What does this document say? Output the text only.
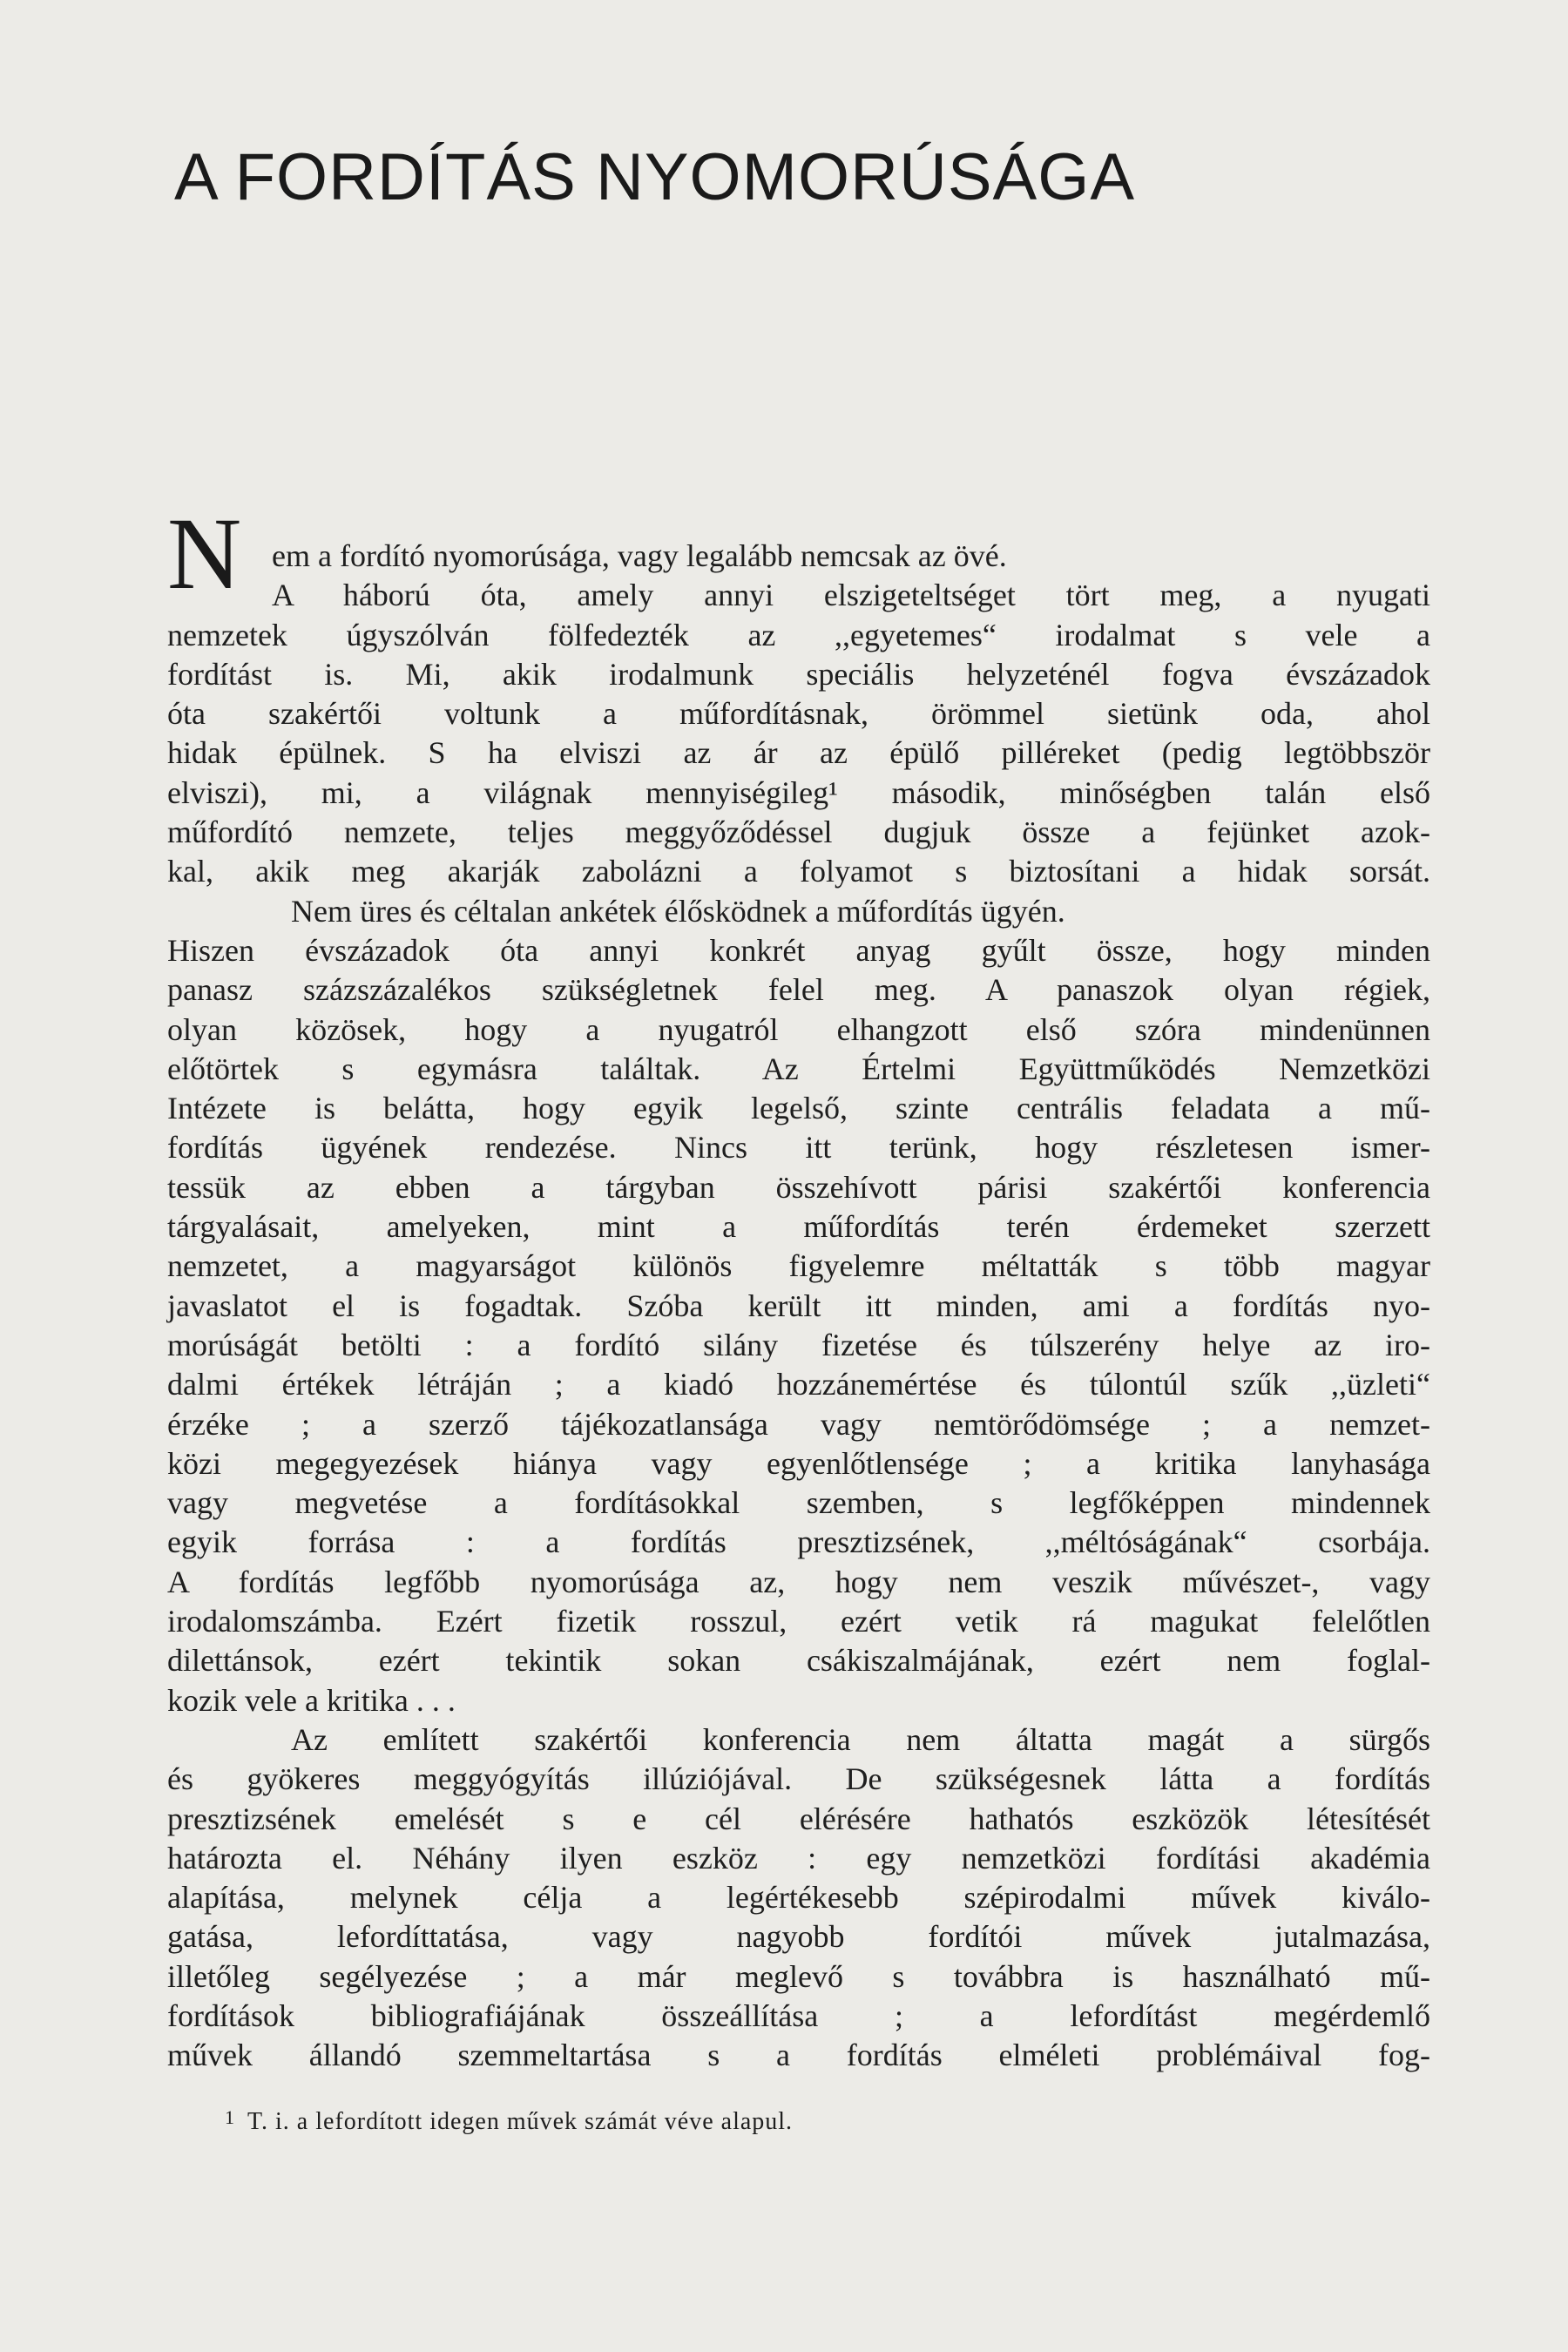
A FORDÍTÁS NYOMORÚSÁGA
N em a fordító nyomorúsága, vagy legalább nemcsak az övé.
A háború óta, amely annyi elszigeteltséget tört meg, a nyugati
nemzetek úgyszólván fölfedezték az ,,egyetemes“ irodalmat s vele a
fordítást is. Mi, akik irodalmunk speciális helyzeténél fogva évszázadok
óta szakértői voltunk a műfordításnak, örömmel sietünk oda, ahol
hidak épülnek. S ha elviszi az ár az épülő pilléreket (pedig legtöbbször
elviszi), mi, a világnak mennyiségileg¹ második, minőségben talán első
műfordító nemzete, teljes meggyőződéssel dugjuk össze a fejünket azok-
kal, akik meg akarják zabolázni a folyamot s biztosítani a hidak sorsát.
Nem üres és céltalan ankétek élősködnek a műfordítás ügyén.
Hiszen évszázadok óta annyi konkrét anyag gyűlt össze, hogy minden
panasz százszázalékos szükségletnek felel meg. A panaszok olyan régiek,
olyan közösek, hogy a nyugatról elhangzott első szóra mindenünnen
előtörtek s egymásra találtak. Az Értelmi Együttműködés Nemzetközi
Intézete is belátta, hogy egyik legelső, szinte centrális feladata a mű-
fordítás ügyének rendezése. Nincs itt terünk, hogy részletesen ismer-
tessük az ebben a tárgyban összehívott párisi szakértői konferencia
tárgyalásait, amelyeken, mint a műfordítás terén érdemeket szerzett
nemzetet, a magyarságot különös figyelemre méltatták s több magyar
javaslatot el is fogadtak. Szóba került itt minden, ami a fordítás nyo-
morúságát betölti : a fordító silány fizetése és túlszerény helye az iro-
dalmi értékek létráján ; a kiadó hozzánemértése és túlontúl szűk ,,üzleti“
érzéke ; a szerző tájékozatlansága vagy nemtörődömsége ; a nemzet-
közi megegyezések hiánya vagy egyenlőtlensége ; a kritika lanyhasága
vagy megvetése a fordításokkal szemben, s legfőképpen mindennek
egyik forrása : a fordítás presztizsének, ,,méltóságának“ csorbája.
A fordítás legfőbb nyomorúsága az, hogy nem veszik művészet-, vagy
irodalomszámba. Ezért fizetik rosszul, ezért vetik rá magukat felelőtlen
dilettánsok, ezért tekintik sokan csákiszalmájának, ezért nem foglal-
kozik vele a kritika . . .
Az említett szakértői konferencia nem áltatta magát a sürgős
és gyökeres meggyógyítás illúziójával. De szükségesnek látta a fordítás
presztizsének emelését s e cél elérésére hathatós eszközök létesítését
határozta el. Néhány ilyen eszköz : egy nemzetközi fordítási akadémia
alapítása, melynek célja a legértékesebb szépirodalmi művek kiválo-
gatása, lefordíttatása, vagy nagyobb fordítói művek jutalmazása,
illetőleg segélyezése ; a már meglevő s továbbra is használható mű-
fordítások bibliografiájának összeállítása ; a lefordítást megérdemlő
művek állandó szemmeltartása s a fordítás elméleti problémáival fog-
$^1$ T. i. a lefordított idegen művek számát véve alapul.
